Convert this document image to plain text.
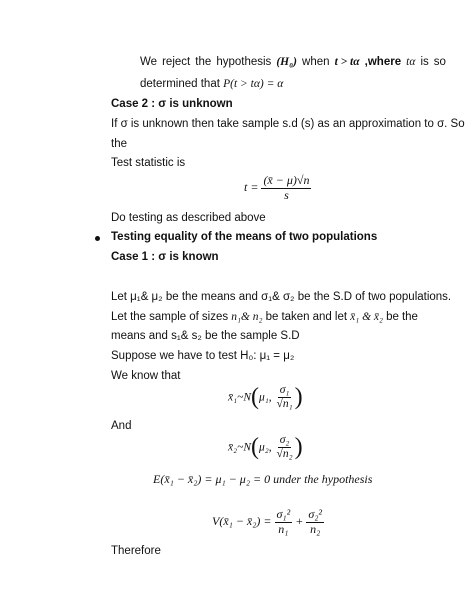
We reject the hypothesis (H₀) when t > tα ,where tα is so
determined that P(t > tα) = α
Case 2 : σ is unknown
If σ is unknown then take sample s.d (s) as an approximation to σ. So
the
Test statistic is
$t = \frac{(x̄ - \mu)√n}{s}$
Do testing as described above
Testing equality of the means of two populations
Case 1 : σ is known
Let μ₁& μ₂ be the means and σ₁& σ₂ be the S.D of two populations.
Let the sample of sizes n₁& n₂ be taken and let x̄₁ & x̄₂ be the
means and s₁& s₂ be the sample S.D
Suppose we have to test H₀: μ₁ = μ₂
We know that
x̄₁~N(μ₁, $\frac{\text{σ₁}}{\text{√n₁}}$ )
And
x̄₂~N(μ₂, $\frac{\text{σ₂}}{\text{√n₂}}$ )
E(x̄₁ − x̄₂) = μ₁ − μ₂ = 0 under the hypothesis
V(x̄₁ − x̄₂) = $\frac{\text{σ₁²}}{\text{n₁}} + \frac{\text{σ₂²}}{\text{n₂}}$
Therefore
